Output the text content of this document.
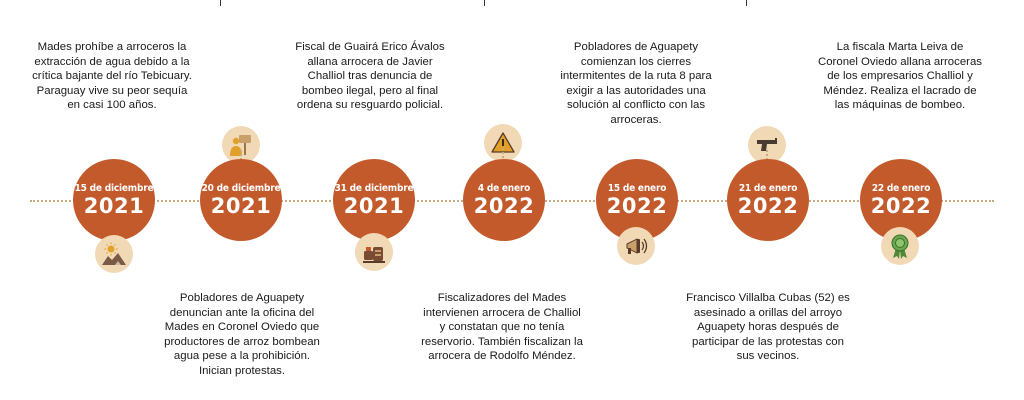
Mades prohíbe a arroceros la extracción de agua debido a la crítica bajante del río Tebicuary. Paraguay vive su peor sequía en casi 100 años.
15 de diciembre
2021
20 de diciembre
2021
Pobladores de Aguapety denuncian ante la oficina del Mades en Coronel Oviedo que productores de arroz bombean agua pese a la prohibición. Inician protestas.
Fiscal de Guairá Erico Ávalos allana arrocera de Javier Challiol tras denuncia de bombeo ilegal, pero al final ordena su resguardo policial.
31 de diciembre
2021
4 de enero
2022
Fiscalizadores del Mades intervienen arrocera de Challiol y constatan que no tenía reservorio. También fiscalizan la arrocera de Rodolfo Méndez.
Pobladores de Aguapety comienzan los cierres intermitentes de la ruta 8 para exigir a las autoridades una solución al conflicto con las arroceras.
15 de enero
2022
21 de enero
2022
Francisco Villalba Cubas (52) es asesinado a orillas del arroyo Aguapety horas después de participar de las protestas con sus vecinos.
La fiscala Marta Leiva de Coronel Oviedo allana arroceras de los empresarios Challiol y Méndez. Realiza el lacrado de las máquinas de bombeo.
22 de enero
2022
